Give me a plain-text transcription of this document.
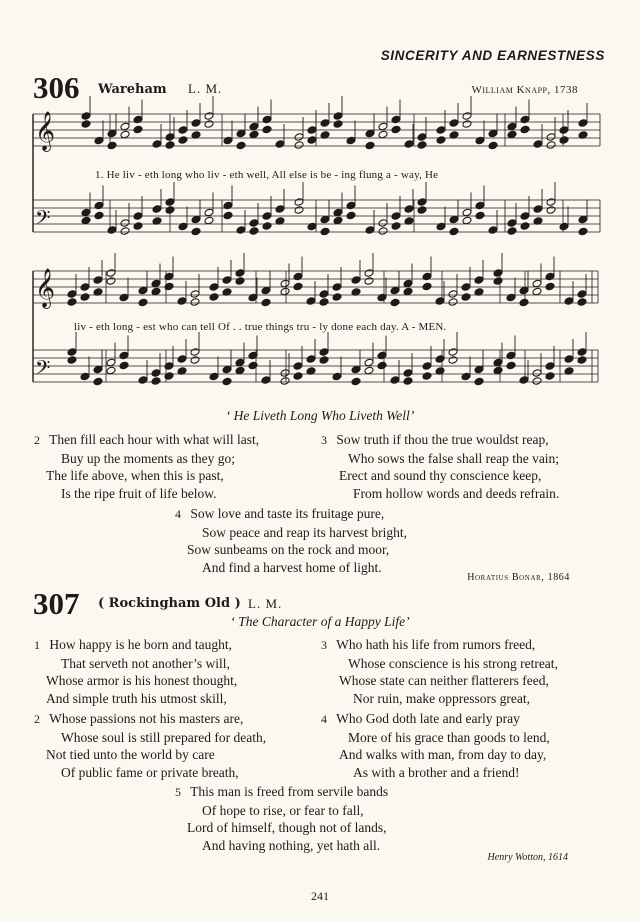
SINCERITY AND EARNESTNESS
306 Wareham L. M.	William Knapp, 1738
𝄞
𝄢
𝄞
𝄢
1. He liv - eth long who liv - eth well, All else is be - ing flung a - way, He
liv - eth long - est who can tell Of . . true things tru - ly done each day. A - MEN.
‘ He Liveth Long Who Liveth Well’
2 Then fill each hour with what will last,
Buy up the moments as they go;
The life above, when this is past,
Is the ripe fruit of life below.
3 Sow truth if thou the true wouldst reap,
Who sows the false shall reap the vain;
Erect and sound thy conscience keep,
From hollow words and deeds refrain.
4 Sow love and taste its fruitage pure,
Sow peace and reap its harvest bright,
Sow sunbeams on the rock and moor,
And find a harvest home of light.
Horatius Bonar, 1864
307 ( Rockingham Old ) L. M.
‘ The Character of a Happy Life’
1 How happy is he born and taught,
That serveth not another’s will,
Whose armor is his honest thought,
And simple truth his utmost skill,
3 Who hath his life from rumors freed,
Whose conscience is his strong retreat,
Whose state can neither flatterers feed,
Nor ruin, make oppressors great,
2 Whose passions not his masters are,
Whose soul is still prepared for death,
Not tied unto the world by care
Of public fame or private breath,
4 Who God doth late and early pray
More of his grace than goods to lend,
And walks with man, from day to day,
As with a brother and a friend!
5 This man is freed from servile bands
Of hope to rise, or fear to fall,
Lord of himself, though not of lands,
And having nothing, yet hath all.
Henry Wotton, 1614
241
